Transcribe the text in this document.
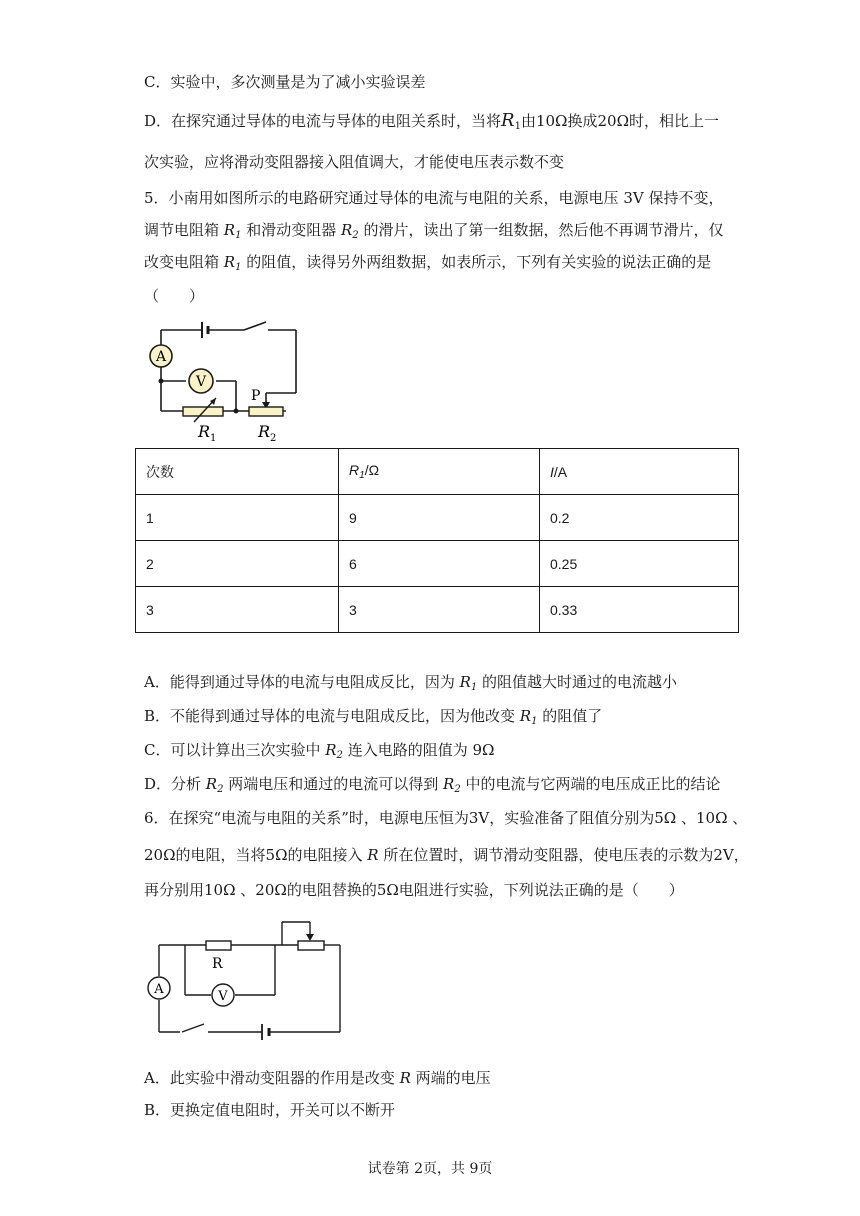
C．实验中，多次测量是为了减小实验误差
D．在探究通过导体的电流与导体的电阻关系时，当将$R_1$由10Ω换成20Ω时，相比上一
次实验，应将滑动变阻器接入阻值调大，才能使电压表示数不变
5．小南用如图所示的电路研究通过导体的电流与电阻的关系，电源电压 3V 保持不变，
调节电阻箱 $R_1$ 和滑动变阻器 $R_2$ 的滑片，读出了第一组数据，然后他不再调节滑片，仅
改变电阻箱 $R_1$ 的阻值，读得另外两组数据，如表所示，下列有关实验的说法正确的是
（　　）
A
V
P
$R_1$	$R_2$
次数	$R_1/\Omega$	I/A
1	9	0.2
2	6	0.25
3	3	0.33
A．能得到通过导体的电流与电阻成反比，因为 $R_1$ 的阻值越大时通过的电流越小
B．不能得到通过导体的电流与电阻成反比，因为他改变 $R_1$ 的阻值了
C．可以计算出三次实验中 $R_2$ 连入电路的阻值为 9Ω
D．分析 $R_2$ 两端电压和通过的电流可以得到 $R_2$ 中的电流与它两端的电压成正比的结论
6．在探究“电流与电阻的关系”时，电源电压恒为3V，实验准备了阻值分别为5Ω 、10Ω 、
20Ω的电阻，当将5Ω的电阻接入 R 所在位置时，调节滑动变阻器，使电压表的示数为2V，
再分别用10Ω 、20Ω的电阻替换的5Ω电阻进行实验，下列说法正确的是（　　）
R
A	V
A．此实验中滑动变阻器的作用是改变 R 两端的电压
B．更换定值电阻时，开关可以不断开
试卷第 2页，共 9页
